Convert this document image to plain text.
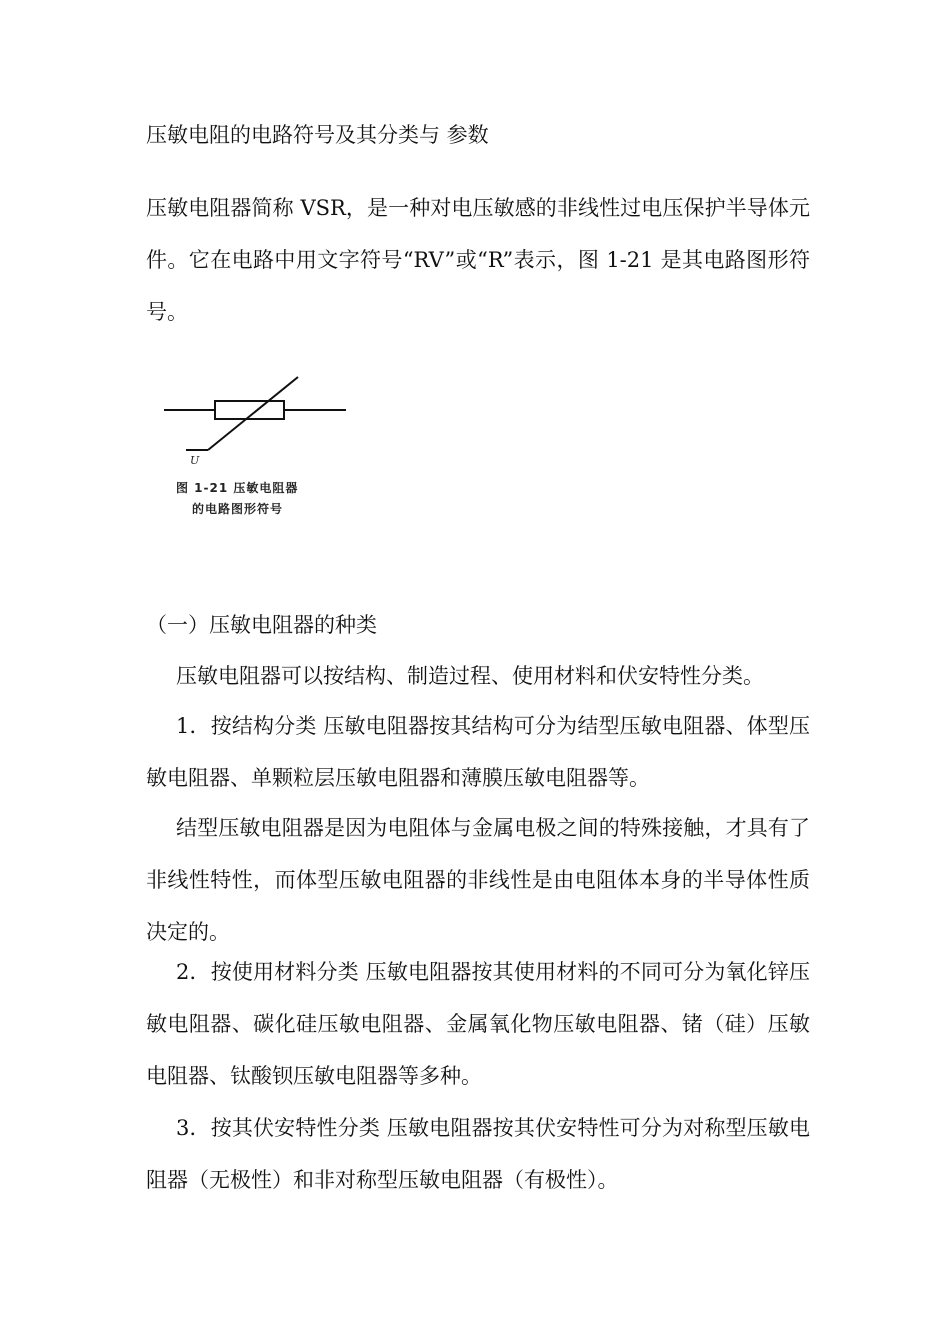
压敏电阻的电路符号及其分类与 参数

压敏电阻器简称 VSR，是一种对电压敏感的非线性过电压保护半导体元件。它在电路中用文字符号“RV”或“R”表示，图 1-21 是其电路图形符号。

U
图 1-21 压敏电阻器
的电路图形符号
（一）压敏电阻器的种类

压敏电阻器可以按结构、制造过程、使用材料和伏安特性分类。

1．按结构分类 压敏电阻器按其结构可分为结型压敏电阻器、体型压敏电阻器、单颗粒层压敏电阻器和薄膜压敏电阻器等。

结型压敏电阻器是因为电阻体与金属电极之间的特殊接触，才具有了非线性特性，而体型压敏电阻器的非线性是由电阻体本身的半导体性质决定的。

2．按使用材料分类 压敏电阻器按其使用材料的不同可分为氧化锌压敏电阻器、碳化硅压敏电阻器、金属氧化物压敏电阻器、锗（硅）压敏电阻器、钛酸钡压敏电阻器等多种。

3．按其伏安特性分类 压敏电阻器按其伏安特性可分为对称型压敏电阻器（无极性）和非对称型压敏电阻器（有极性）。
